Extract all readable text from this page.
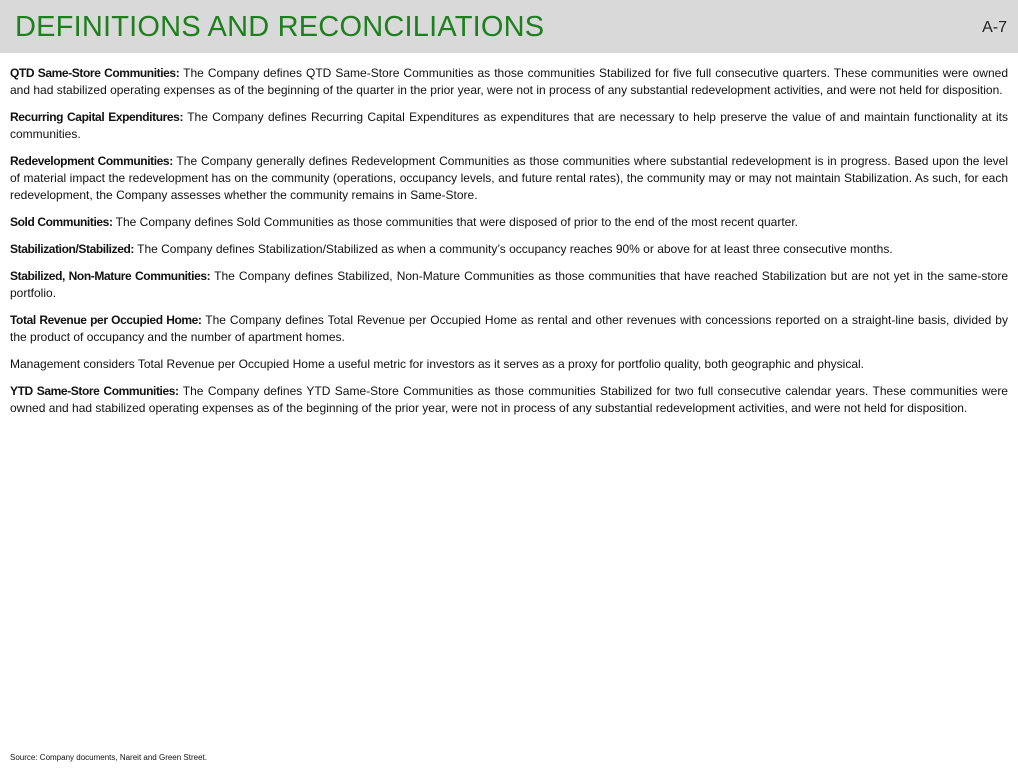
DEFINITIONS AND RECONCILIATIONS	A-7

QTD Same-Store Communities: The Company defines QTD Same-Store Communities as those communities Stabilized for five full consecutive quarters. These communities were owned and had stabilized operating expenses as of the beginning of the quarter in the prior year, were not in process of any substantial redevelopment activities, and were not held for disposition.

Recurring Capital Expenditures: The Company defines Recurring Capital Expenditures as expenditures that are necessary to help preserve the value of and maintain functionality at its communities.

Redevelopment Communities: The Company generally defines Redevelopment Communities as those communities where substantial redevelopment is in progress. Based upon the level of material impact the redevelopment has on the community (operations, occupancy levels, and future rental rates), the community may or may not maintain Stabilization. As such, for each redevelopment, the Company assesses whether the community remains in Same-Store.

Sold Communities: The Company defines Sold Communities as those communities that were disposed of prior to the end of the most recent quarter.

Stabilization/Stabilized: The Company defines Stabilization/Stabilized as when a community’s occupancy reaches 90% or above for at least three consecutive months.

Stabilized, Non-Mature Communities: The Company defines Stabilized, Non-Mature Communities as those communities that have reached Stabilization but are not yet in the same-store portfolio.

Total Revenue per Occupied Home: The Company defines Total Revenue per Occupied Home as rental and other revenues with concessions reported on a straight-line basis, divided by the product of occupancy and the number of apartment homes.

Management considers Total Revenue per Occupied Home a useful metric for investors as it serves as a proxy for portfolio quality, both geographic and physical.

YTD Same-Store Communities: The Company defines YTD Same-Store Communities as those communities Stabilized for two full consecutive calendar years. These communities were owned and had stabilized operating expenses as of the beginning of the prior year, were not in process of any substantial redevelopment activities, and were not held for disposition.

Source: Company documents, Nareit and Green Street.
